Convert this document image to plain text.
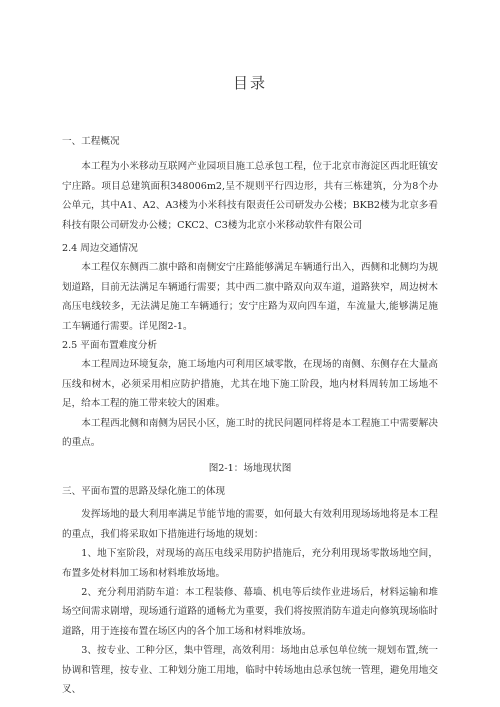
目录

一、工程概况

本工程为小米移动互联网产业园项目施工总承包工程，位于北京市海淀区西北旺镇安宁庄路。项目总建筑面积348006m2,呈不规则平行四边形，共有三栋建筑，分为8个办公单元，其中A1、A2、A3楼为小米科技有限责任公司研发办公楼；BKB2楼为北京多看科技有限公司研发办公楼；CKC2、C3楼为北京小米移动软件有限公司

2.4 周边交通情况

本工程仅东侧西二旗中路和南侧安宁庄路能够满足车辆通行出入，西侧和北侧均为规划道路，目前无法满足车辆通行需要；其中西二旗中路双向双车道，道路狭窄，周边树木高压电线较多，无法满足施工车辆通行；安宁庄路为双向四车道，车流量大,能够满足施工车辆通行需要。详见图2-1。

2.5 平面布置难度分析

本工程周边环境复杂，施工场地内可利用区域零散，在现场的南侧、东侧存在大量高压线和树木，必须采用相应防护措施，尤其在地下施工阶段，地内材料周转加工场地不足，给本工程的施工带来较大的困难。

本工程西北侧和南侧为居民小区，施工时的扰民问题同样将是本工程施工中需要解决的重点。

图2-1：场地现状图

三、平面布置的思路及绿化施工的体现

发挥场地的最大利用率满足节能节地的需要，如何最大有效利用现场场地将是本工程的重点，我们将采取如下措施进行场地的规划：

1、地下室阶段，对现场的高压电线采用防护措施后，充分利用现场零散场地空间，布置多处材料加工场和材料堆放场地。

2、充分利用消防车道：本工程装修、幕墙、机电等后续作业进场后，材料运输和堆场空间需求剧增，现场通行道路的通畅尤为重要，我们将按照消防车道走向修筑现场临时道路，用于连接布置在场区内的各个加工场和材料堆放场。

3、按专业、工种分区，集中管理，高效利用：场地由总承包单位统一规划布置,统一协调和管理，按专业、工种划分施工用地，临时中转场地由总承包统一管理，避免用地交叉、
